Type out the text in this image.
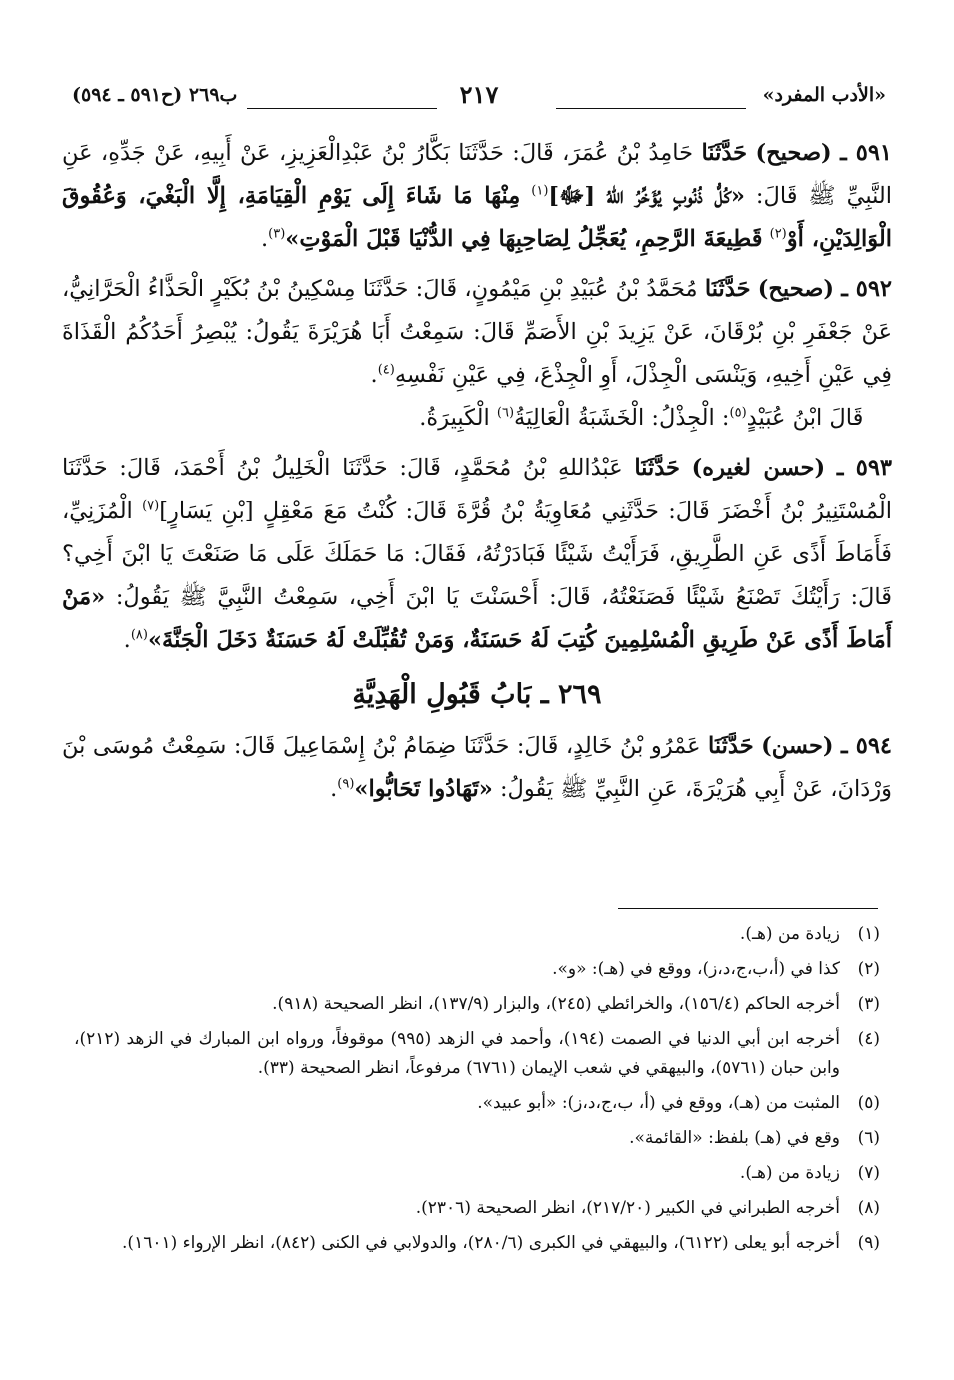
«الأدب المفرد»
٢١٧
ب٢٦٩ (ح٥٩١ ـ ٥٩٤)

٥٩١ ـ (صحيح) حَدَّثَنَا حَامِدُ بْنُ عُمَرَ، قَالَ: حَدَّثَنَا بَكَّارُ بْنُ عَبْدِالْعَزِيزِ، عَنْ أَبِيهِ، عَنْ جَدِّهِ، عَنِ النَّبِيِّ ﷺ قَالَ: «كُلُّ ذُنُوبٍ يُؤَخِّرُ اللهُ [ﷻ]$^{(١)}$ مِنْهَا مَا شَاءَ إِلَى يَوْمِ الْقِيَامَةِ، إِلَّا الْبَغْيَ، وَعُقُوقَ الْوَالِدَيْنِ، أَوْ$^{(٢)}$ قَطِيعَةَ الرَّحِمِ، يُعَجِّلُ لِصَاحِبِهَا فِي الدُّنْيَا قَبْلَ الْمَوْتِ»$^{(٣)}$.

٥٩٢ ـ (صحيح) حَدَّثَنَا مُحَمَّدُ بْنُ عُبَيْدِ بْنِ مَيْمُونٍ، قَالَ: حَدَّثَنَا مِسْكِينُ بْنُ بُكَيْرٍ الْحَذَّاءُ الْحَرَّانِيُّ، عَنْ جَعْفَرِ بْنِ بُرْقَانَ، عَنْ يَزِيدَ بْنِ الأَصَمِّ قَالَ: سَمِعْتُ أَبَا هُرَيْرَةَ يَقُولُ: يُبْصِرُ أَحَدُكُمُ الْقَذَاةَ فِي عَيْنِ أَخِيهِ، وَيَنْسَى الْجِذْلَ، أَوِ الْجِذْعَ، فِي عَيْنِ نَفْسِهِ$^{(٤)}$.
قَالَ ابْنُ عُبَيْدٍ$^{(٥)}$: الْجِذْلُ: الْخَشَبَةُ الْعَالِيَةُ$^{(٦)}$ الْكَبِيرَةُ.

٥٩٣ ـ (حسن لغيره) حَدَّثَنَا عَبْدُاللهِ بْنُ مُحَمَّدٍ، قَالَ: حَدَّثَنَا الْخَلِيلُ بْنُ أَحْمَدَ، قَالَ: حَدَّثَنَا الْمُسْتَنِيرُ بْنُ أَخْضَرَ قَالَ: حَدَّثَنِي مُعَاوِيَةُ بْنُ قُرَّةَ قَالَ: كُنْتُ مَعَ مَعْقِلٍ [بْنِ يَسَارٍ]$^{(٧)}$ الْمُزَنِيِّ، فَأَمَاطَ أَذًى عَنِ الطَّرِيقِ، فَرَأَيْتُ شَيْئًا فَبَادَرْتُهُ، فَقَالَ: مَا حَمَلَكَ عَلَى مَا صَنَعْتَ يَا ابْنَ أَخِي؟ قَالَ: رَأَيْتُكَ تَصْنَعُ شَيْئًا فَصَنَعْتُهُ، قَالَ: أَحْسَنْتَ يَا ابْنَ أَخِي، سَمِعْتُ النَّبِيَّ ﷺ يَقُولُ: «مَنْ أَمَاطَ أَذًى عَنْ طَرِيقِ الْمُسْلِمِينَ كُتِبَ لَهُ حَسَنَةٌ، وَمَنْ تُقُبِّلَتْ لَهُ حَسَنَةٌ دَخَلَ الْجَنَّةَ»$^{(٨)}$.

٢٦٩ ـ بَابُ قَبُولِ الْهَدِيَّةِ

٥٩٤ ـ (حسن) حَدَّثَنَا عَمْرُو بْنُ خَالِدٍ، قَالَ: حَدَّثَنَا ضِمَامُ بْنُ إِسْمَاعِيلَ قَالَ: سَمِعْتُ مُوسَى بْنَ وَرْدَانَ، عَنْ أَبِي هُرَيْرَةَ، عَنِ النَّبِيِّ ﷺ يَقُولُ: «تَهَادُوا تَحَابُّوا»$^{(٩)}$.

(١)
زيادة من (هـ).
(٢)
كذا في (أ،ب،ج،د،ز)، ووقع في (هـ): «و».
(٣)
أخرجه الحاكم (١٥٦/٤)، والخرائطي (٢٤٥)، والبزار (١٣٧/٩)، انظر الصحيحة (٩١٨).
(٤)
أخرجه ابن أبي الدنيا في الصمت (١٩٤)، وأحمد في الزهد (٩٩٥) موقوفاً، ورواه ابن المبارك في الزهد (٢١٢)، وابن حبان (٥٧٦١)، والبيهقي في شعب الإيمان (٦٧٦١) مرفوعاً، انظر الصحيحة (٣٣).
(٥)
المثبت من (هـ)، ووقع في (أ، ب،ج،د،ز): «أبو عبيد».
(٦)
وقع في (هـ) بلفظ: «القائمة».
(٧)
زيادة من (هـ).
(٨)
أخرجه الطبراني في الكبير (٢١٧/٢٠)، انظر الصحيحة (٢٣٠٦).
(٩)
أخرجه أبو يعلى (٦١٢٢)، والبيهقي في الكبرى (٢٨٠/٦)، والدولابي في الكنى (٨٤٢)، انظر الإرواء (١٦٠١).
